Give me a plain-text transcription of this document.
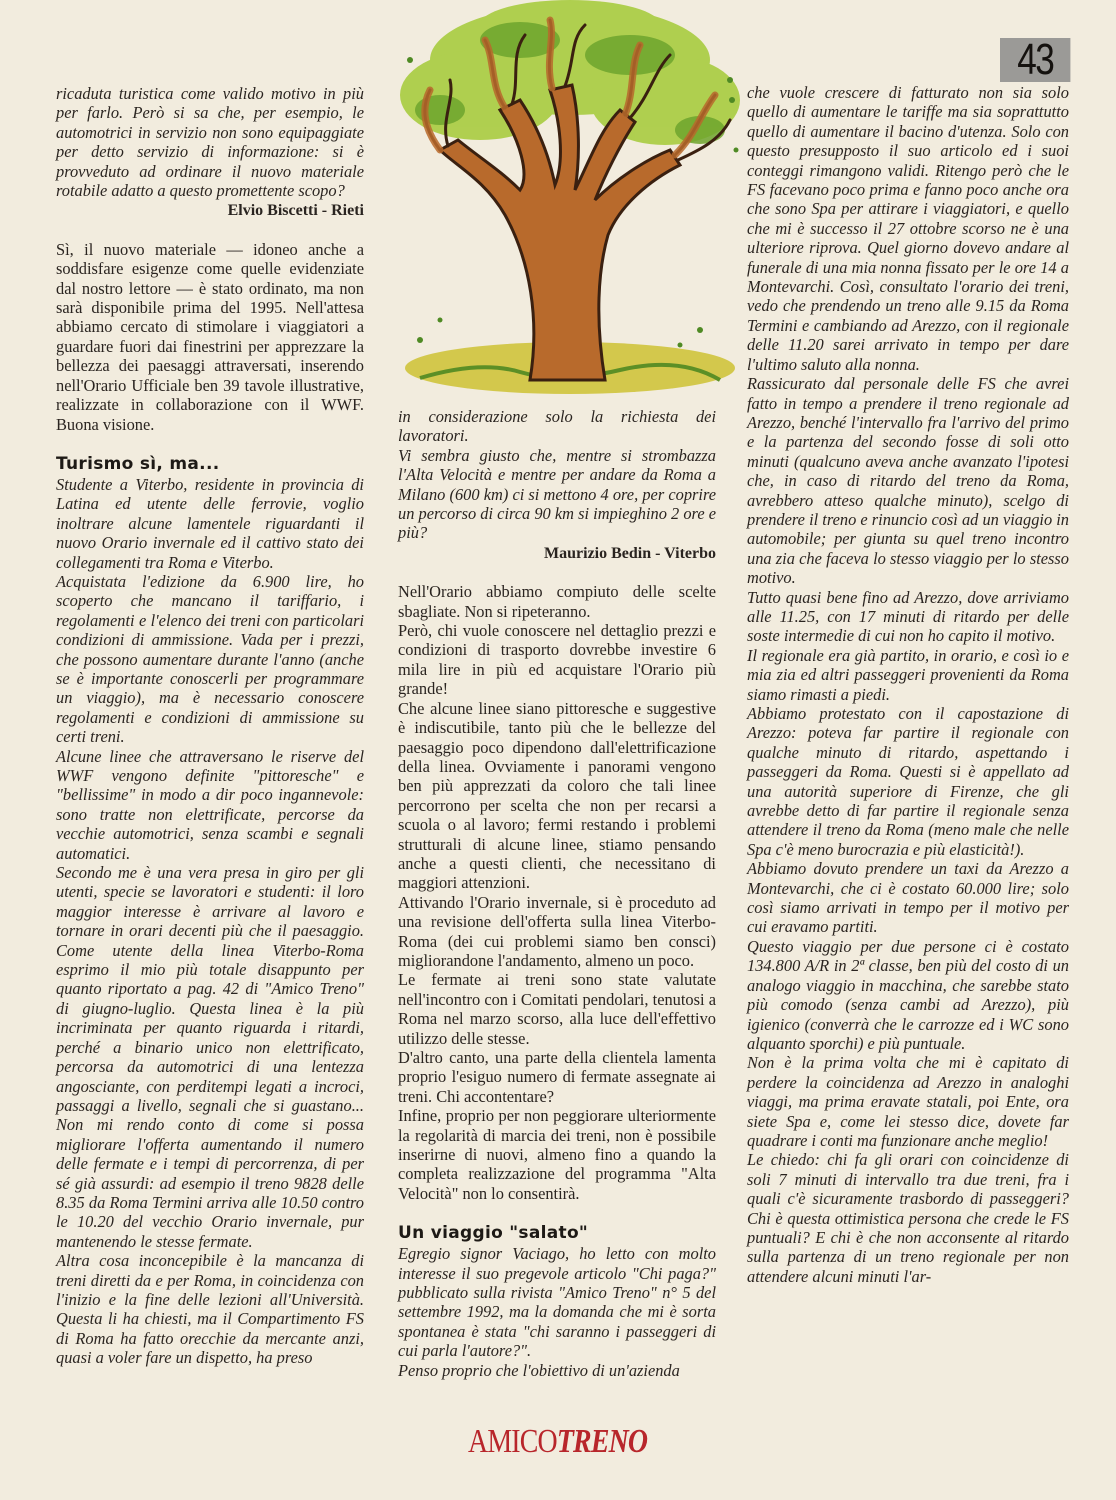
43

ricaduta turistica come valido motivo in più per farlo. Però si sa che, per esempio, le automotrici in servizio non sono equipaggiate per detto servizio di informazione: si è provveduto ad ordinare il nuovo materiale rotabile adatto a questo promettente scopo?

Elvio Biscetti - Rieti

Sì, il nuovo materiale — idoneo anche a soddisfare esigenze come quelle evidenziate dal nostro lettore — è stato ordinato, ma non sarà disponibile prima del 1995. Nell'attesa abbiamo cercato di stimolare i viaggiatori a guardare fuori dai finestrini per apprezzare la bellezza dei paesaggi attraversati, inserendo nell'Orario Ufficiale ben 39 tavole illustrative, realizzate in collaborazione con il WWF. Buona visione.

Turismo sì, ma...

Studente a Viterbo, residente in provincia di Latina ed utente delle ferrovie, voglio inoltrare alcune lamentele riguardanti il nuovo Orario invernale ed il cattivo stato dei collegamenti tra Roma e Viterbo.

Acquistata l'edizione da 6.900 lire, ho scoperto che mancano il tariffario, i regolamenti e l'elenco dei treni con particolari condizioni di ammissione. Vada per i prezzi, che possono aumentare durante l'anno (anche se è importante conoscerli per programmare un viaggio), ma è necessario conoscere regolamenti e condizioni di ammissione su certi treni.

Alcune linee che attraversano le riserve del WWF vengono definite "pittoresche" e "bellissime" in modo a dir poco ingannevole: sono tratte non elettrificate, percorse da vecchie automotrici, senza scambi e segnali automatici.

Secondo me è una vera presa in giro per gli utenti, specie se lavoratori e studenti: il loro maggior interesse è arrivare al lavoro e tornare in orari decenti più che il paesaggio. Come utente della linea Viterbo-Roma esprimo il mio più totale disappunto per quanto riportato a pag. 42 di "Amico Treno" di giugno-luglio. Questa linea è la più incriminata per quanto riguarda i ritardi, perché a binario unico non elettrificato, percorsa da automotrici di una lentezza angosciante, con perditempi legati a incroci, passaggi a livello, segnali che si guastano... Non mi rendo conto di come si possa migliorare l'offerta aumentando il numero delle fermate e i tempi di percorrenza, di per sé già assurdi: ad esempio il treno 9828 delle 8.35 da Roma Termini arriva alle 10.50 contro le 10.20 del vecchio Orario invernale, pur mantenendo le stesse fermate.

Altra cosa inconcepibile è la mancanza di treni diretti da e per Roma, in coincidenza con l'inizio e la fine delle lezioni all'Università. Questa li ha chiesti, ma il Compartimento FS di Roma ha fatto orecchie da mercante anzi, quasi a voler fare un dispetto, ha preso

in considerazione solo la richiesta dei lavoratori.

Vi sembra giusto che, mentre si strombazza l'Alta Velocità e mentre per andare da Roma a Milano (600 km) ci si mettono 4 ore, per coprire un percorso di circa 90 km si impieghino 2 ore e più?

Maurizio Bedin - Viterbo

Nell'Orario abbiamo compiuto delle scelte sbagliate. Non si ripeteranno.

Però, chi vuole conoscere nel dettaglio prezzi e condizioni di trasporto dovrebbe investire 6 mila lire in più ed acquistare l'Orario più grande!

Che alcune linee siano pittoresche e suggestive è indiscutibile, tanto più che le bellezze del paesaggio poco dipendono dall'elettrificazione della linea. Ovviamente i panorami vengono ben più apprezzati da coloro che tali linee percorrono per scelta che non per recarsi a scuola o al lavoro; fermi restando i problemi strutturali di alcune linee, stiamo pensando anche a questi clienti, che necessitano di maggiori attenzioni.

Attivando l'Orario invernale, si è proceduto ad una revisione dell'offerta sulla linea Viterbo-Roma (dei cui problemi siamo ben consci) migliorandone l'andamento, almeno un poco.

Le fermate ai treni sono state valutate nell'incontro con i Comitati pendolari, tenutosi a Roma nel marzo scorso, alla luce dell'effettivo utilizzo delle stesse.

D'altro canto, una parte della clientela lamenta proprio l'esiguo numero di fermate assegnate ai treni. Chi accontentare?

Infine, proprio per non peggiorare ulteriormente la regolarità di marcia dei treni, non è possibile inserirne di nuovi, almeno fino a quando la completa realizzazione del programma "Alta Velocità" non lo consentirà.

Un viaggio "salato"

Egregio signor Vaciago, ho letto con molto interesse il suo pregevole articolo "Chi paga?" pubblicato sulla rivista "Amico Treno" n° 5 del settembre 1992, ma la domanda che mi è sorta spontanea è stata "chi saranno i passeggeri di cui parla l'autore?".

Penso proprio che l'obiettivo di un'azienda

che vuole crescere di fatturato non sia solo quello di aumentare le tariffe ma sia soprattutto quello di aumentare il bacino d'utenza. Solo con questo presupposto il suo articolo ed i suoi conteggi rimangono validi. Ritengo però che le FS facevano poco prima e fanno poco anche ora che sono Spa per attirare i viaggiatori, e quello che mi è successo il 27 ottobre scorso ne è una ulteriore riprova. Quel giorno dovevo andare al funerale di una mia nonna fissato per le ore 14 a Montevarchi. Così, consultato l'orario dei treni, vedo che prendendo un treno alle 9.15 da Roma Termini e cambiando ad Arezzo, con il regionale delle 11.20 sarei arrivato in tempo per dare l'ultimo saluto alla nonna.

Rassicurato dal personale delle FS che avrei fatto in tempo a prendere il treno regionale ad Arezzo, benché l'intervallo fra l'arrivo del primo e la partenza del secondo fosse di soli otto minuti (qualcuno aveva anche avanzato l'ipotesi che, in caso di ritardo del treno da Roma, avrebbero atteso qualche minuto), scelgo di prendere il treno e rinuncio così ad un viaggio in automobile; per giunta su quel treno incontro una zia che faceva lo stesso viaggio per lo stesso motivo.

Tutto quasi bene fino ad Arezzo, dove arriviamo alle 11.25, con 17 minuti di ritardo per delle soste intermedie di cui non ho capito il motivo.

Il regionale era già partito, in orario, e così io e mia zia ed altri passeggeri provenienti da Roma siamo rimasti a piedi.

Abbiamo protestato con il capostazione di Arezzo: poteva far partire il regionale con qualche minuto di ritardo, aspettando i passeggeri da Roma. Questi si è appellato ad una autorità superiore di Firenze, che gli avrebbe detto di far partire il regionale senza attendere il treno da Roma (meno male che nelle Spa c'è meno burocrazia e più elasticità!).

Abbiamo dovuto prendere un taxi da Arezzo a Montevarchi, che ci è costato 60.000 lire; solo così siamo arrivati in tempo per il motivo per cui eravamo partiti.

Questo viaggio per due persone ci è costato 134.800 A/R in 2ª classe, ben più del costo di un analogo viaggio in macchina, che sarebbe stato più comodo (senza cambi ad Arezzo), più igienico (converrà che le carrozze ed i WC sono alquanto sporchi) e più puntuale.

Non è la prima volta che mi è capitato di perdere la coincidenza ad Arezzo in analoghi viaggi, ma prima eravate statali, poi Ente, ora siete Spa e, come lei stesso dice, dovete far quadrare i conti ma funzionare anche meglio!

Le chiedo: chi fa gli orari con coincidenze di soli 7 minuti di intervallo tra due treni, fra i quali c'è sicuramente trasbordo di passeggeri? Chi è questa ottimistica persona che crede le FS puntuali? E chi è che non acconsente al ritardo sulla partenza di un treno regionale per non attendere alcuni minuti l'ar-

AMICOTRENO
